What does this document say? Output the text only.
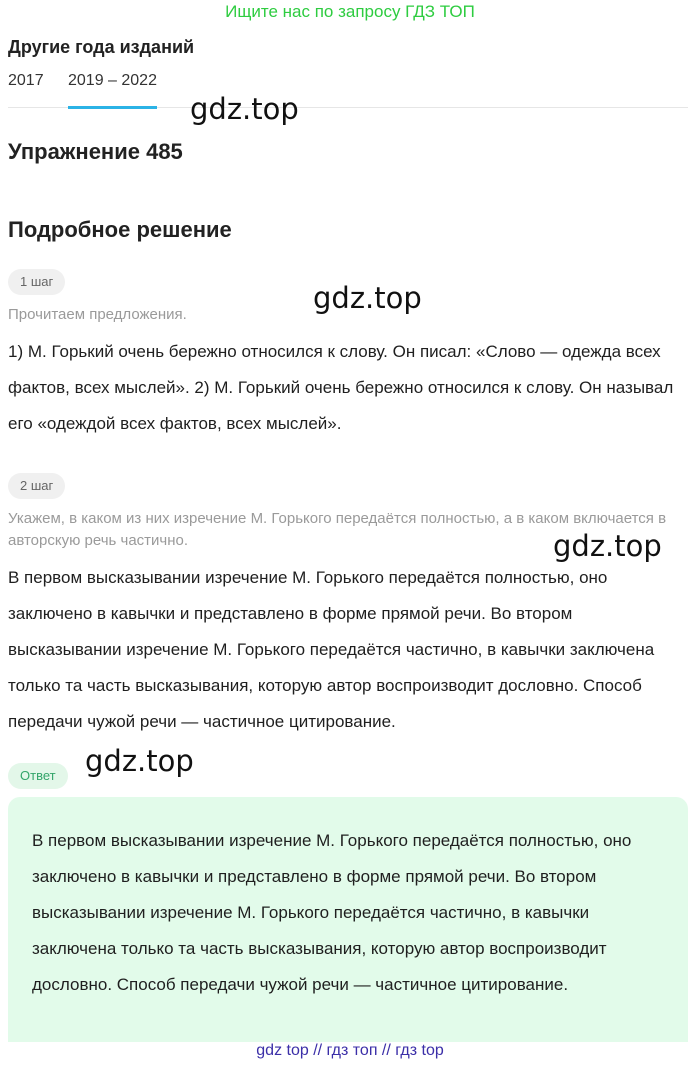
Ищите нас по запросу ГДЗ ТОП
Другие года изданий
2017 2019 – 2022
gdz.top
Упражнение 485
Подробное решение
1 шаг	gdz.top
Прочитаем предложения.
1) М. Горький очень бережно относился к слову. Он писал: «Слово — одежда всех фактов, всех мыслей». 2) М. Горький очень бережно относился к слову. Он называл его «одеждой всех фактов, всех мыслей».
2 шаг
Укажем, в каком из них изречение М. Горького передаётся полностью, а в каком включается в авторскую речь частично.	gdz.top
В первом высказывании изречение М. Горького передаётся полностью, оно заключено в кавычки и представлено в форме прямой речи. Во втором высказывании изречение М. Горького передаётся частично, в кавычки заключена только та часть высказывания, которую автор воспроизводит дословно. Способ передачи чужой речи — частичное цитирование.
Ответ	gdz.top
В первом высказывании изречение М. Горького передаётся полностью, оно заключено в кавычки и представлено в форме прямой речи. Во втором высказывании изречение М. Горького передаётся частично, в кавычки заключена только та часть высказывания, которую автор воспроизводит дословно. Способ передачи чужой речи — частичное цитирование.
gdz top // гдз топ // гдз top
